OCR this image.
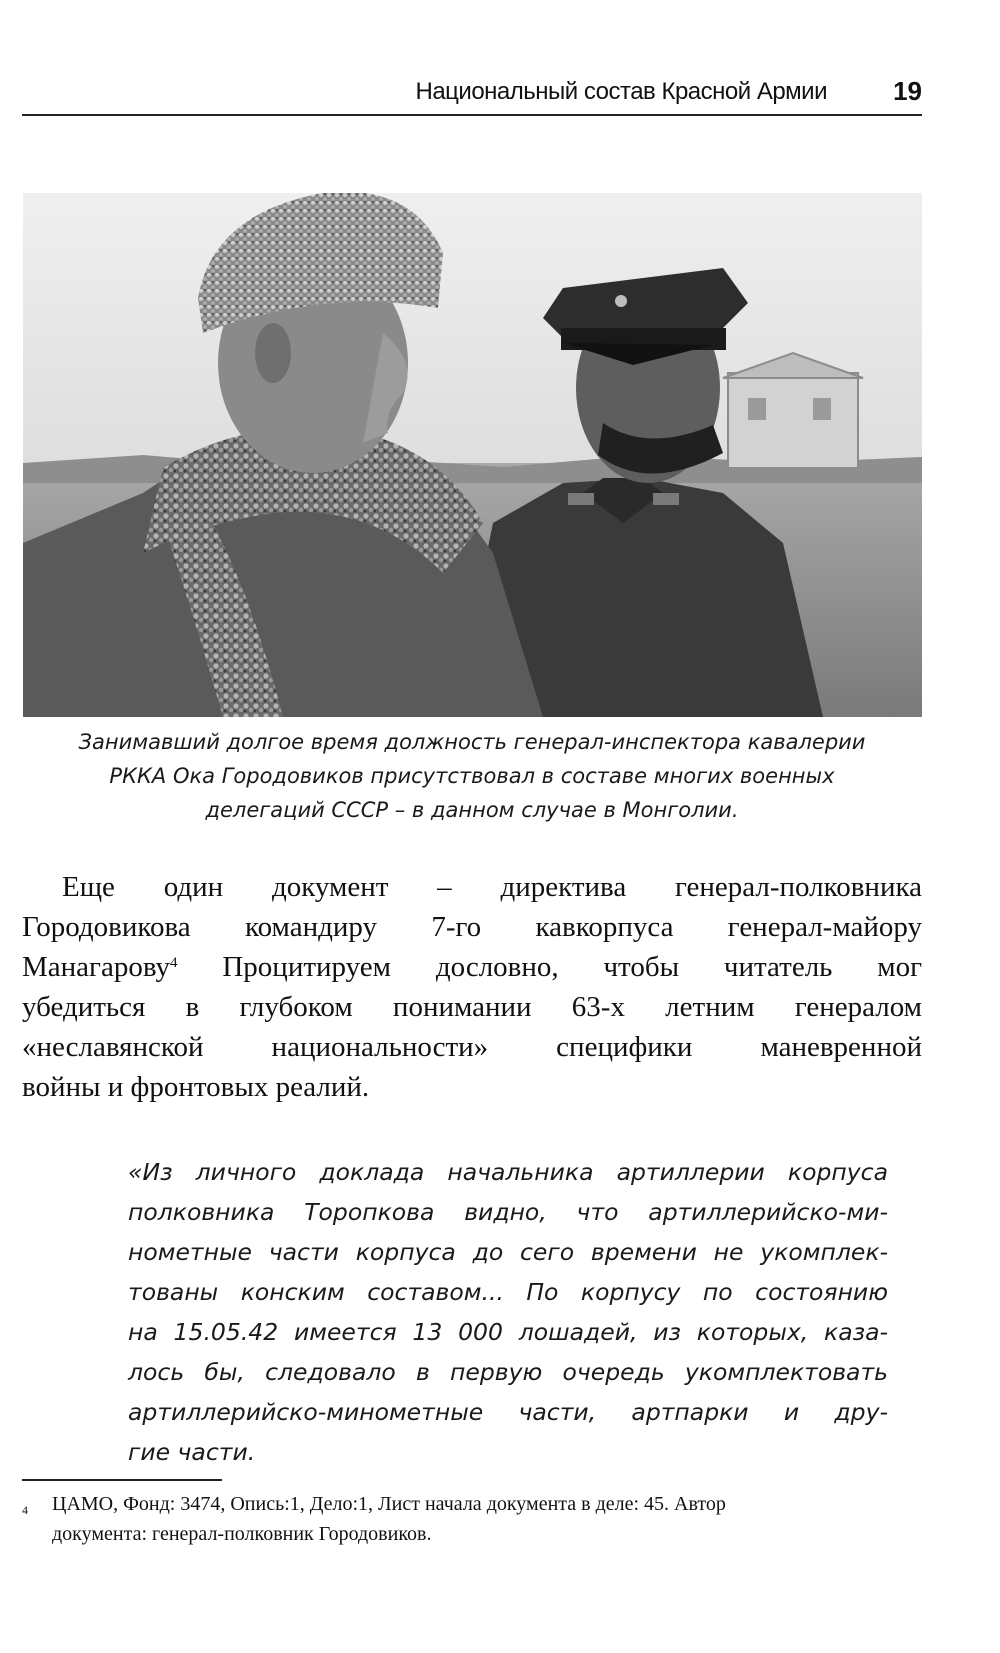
Национальный состав Красной Армии	19
Занимавший долгое время должность генерал-инспектора кавалерии
РККА Ока Городовиков присутствовал в составе многих военных
делегаций СССР – в данном случае в Монголии.
Еще один документ – директива генерал-полковника
Городовикова командиру 7-го кавкорпуса генерал-майору
Манагарову$^4$ Процитируем дословно, чтобы читатель мог
убедиться в глубоком понимании 63-х летним генералом
«неславянской национальности» специфики маневренной
войны и фронтовых реалий.
«Из личного доклада начальника артиллерии корпуса
полковника Торопкова видно, что артиллерийско-ми-
нометные части корпуса до сего времени не укомплек-
тованы конским составом... По корпусу по состоянию
на 15.05.42 имеется 13 000 лошадей, из которых, каза-
лось бы, следовало в первую очередь укомплектовать
артиллерийско-минометные части, артпарки и дру-
гие части.
4	ЦАМО, Фонд: 3474, Опись:1, Дело:1, Лист начала документа в деле: 45. Автор
документа: генерал-полковник Городовиков.
